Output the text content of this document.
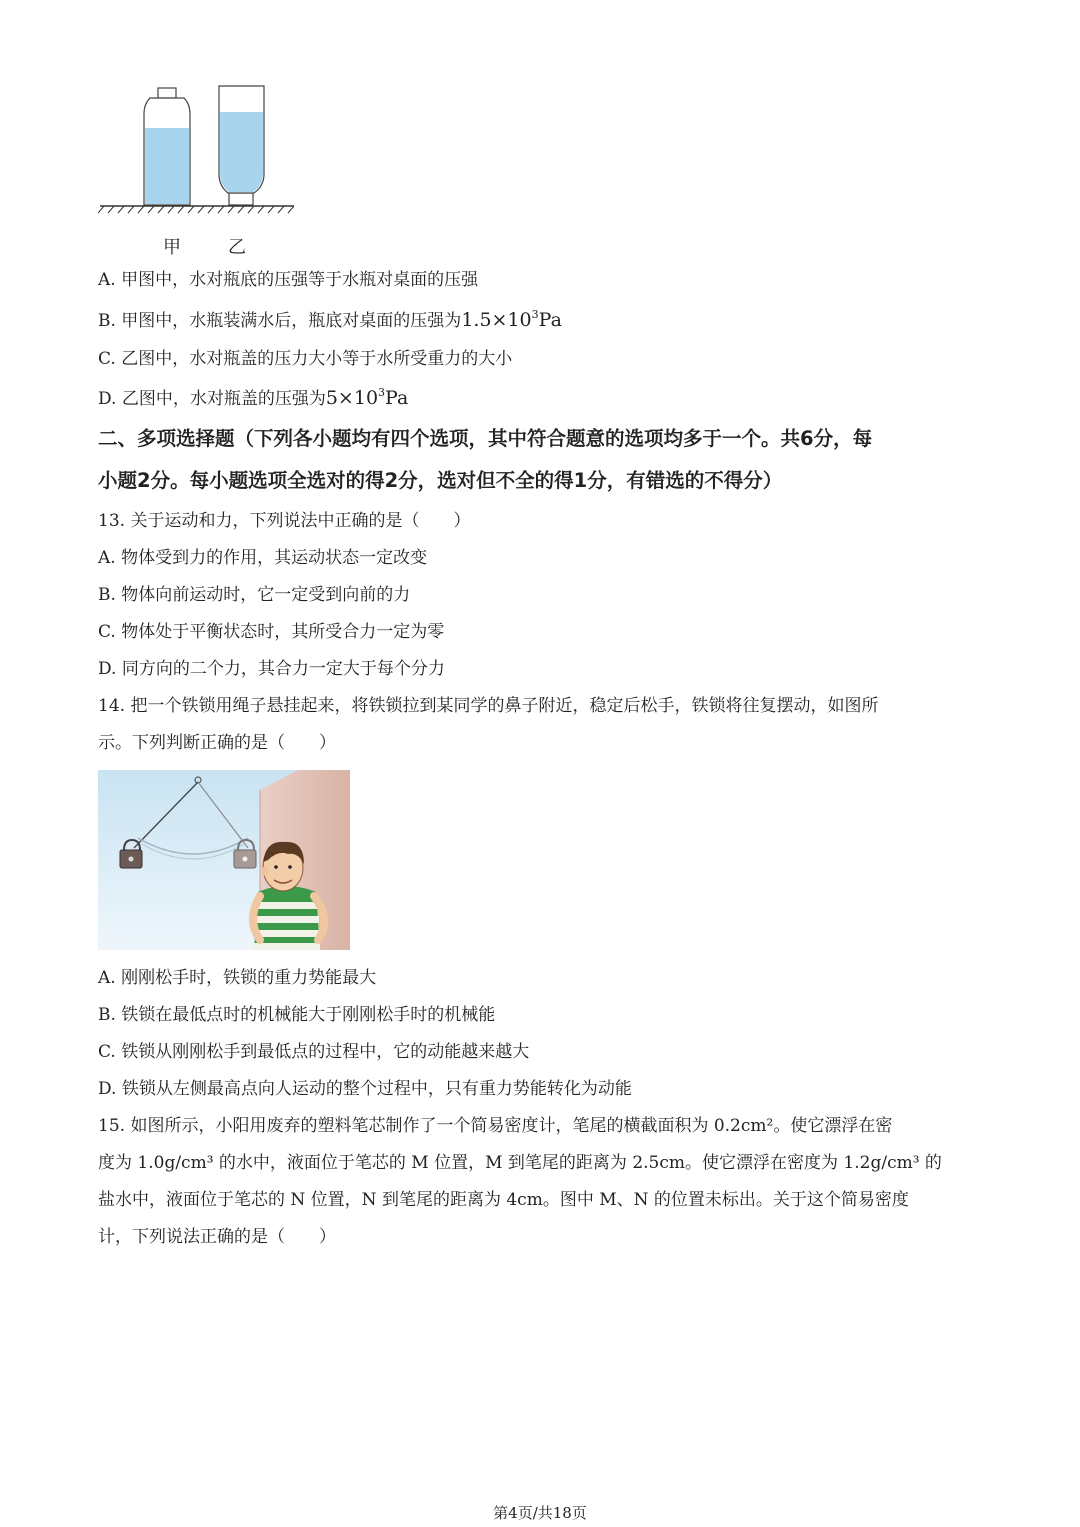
甲	乙
A. 甲图中，水对瓶底的压强等于水瓶对桌面的压强
B. 甲图中，水瓶装满水后，瓶底对桌面的压强为$1.5\times 10^3Pa$
C. 乙图中，水对瓶盖的压力大小等于水所受重力的大小
D. 乙图中，水对瓶盖的压强为$5\times 10^3Pa$
二、多项选择题（下列各小题均有四个选项，其中符合题意的选项均多于一个。共6分，每
小题2分。每小题选项全选对的得2分，选对但不全的得1分，有错选的不得分）
13. 关于运动和力，下列说法中正确的是（　　）
A. 物体受到力的作用，其运动状态一定改变
B. 物体向前运动时，它一定受到向前的力
C. 物体处于平衡状态时，其所受合力一定为零
D. 同方向的二个力，其合力一定大于每个分力
14. 把一个铁锁用绳子悬挂起来，将铁锁拉到某同学的鼻子附近，稳定后松手，铁锁将往复摆动，如图所
示。下列判断正确的是（　　）
A. 刚刚松手时，铁锁的重力势能最大
B. 铁锁在最低点时的机械能大于刚刚松手时的机械能
C. 铁锁从刚刚松手到最低点的过程中，它的动能越来越大
D. 铁锁从左侧最高点向人运动的整个过程中，只有重力势能转化为动能
15. 如图所示，小阳用废弃的塑料笔芯制作了一个简易密度计，笔尾的横截面积为 0.2cm²。使它漂浮在密
度为 1.0g/cm³ 的水中，液面位于笔芯的 M 位置，M 到笔尾的距离为 2.5cm。使它漂浮在密度为 1.2g/cm³ 的
盐水中，液面位于笔芯的 N 位置，N 到笔尾的距离为 4cm。图中 M、N 的位置未标出。关于这个简易密度
计，下列说法正确的是（　　）
第4页/共18页
